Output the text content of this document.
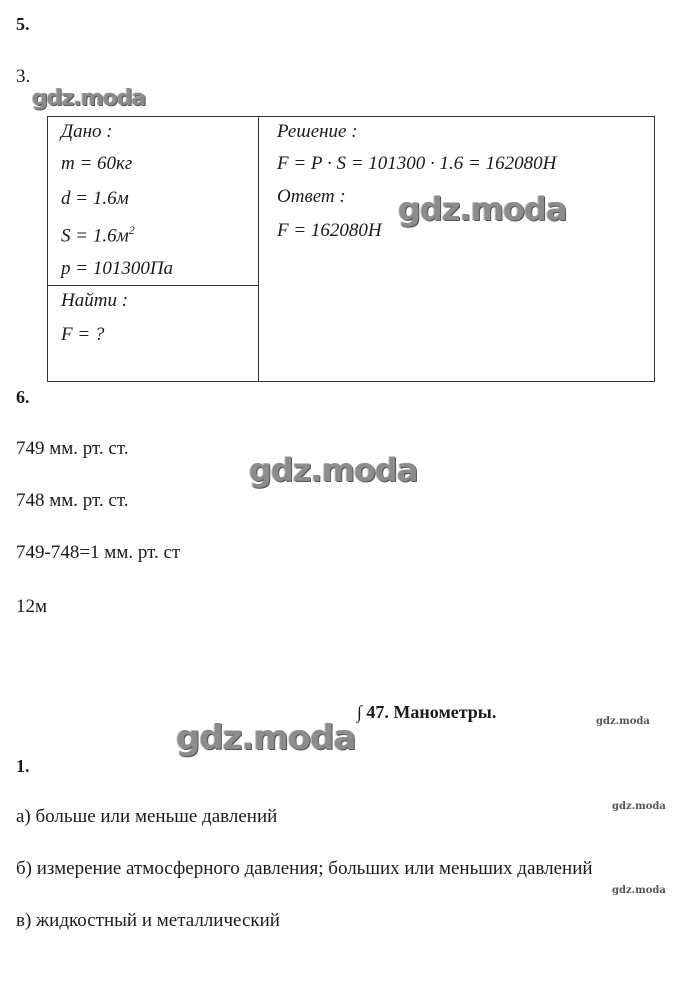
5.
3.
gdz.moda
Дано :
m = 60кг
d = 1.6м
$S = 1.6м^2$
p = 101300Па
Найти :
F = ?
Решение :
F = P · S = 101300 · 1.6 = 162080H
Ответ :
F = 162080H
gdz.moda
6.
749 мм. рт. ст.
gdz.moda
748 мм. рт. ст.
749-748=1 мм. рт. ст
12м
∫ 47. Манометры.	gdz.moda
gdz.moda
1.
gdz.moda
а) больше или меньше давлений
б) измерение атмосферного давления; больших или меньших давлений
gdz.moda
в) жидкостный и металлический
